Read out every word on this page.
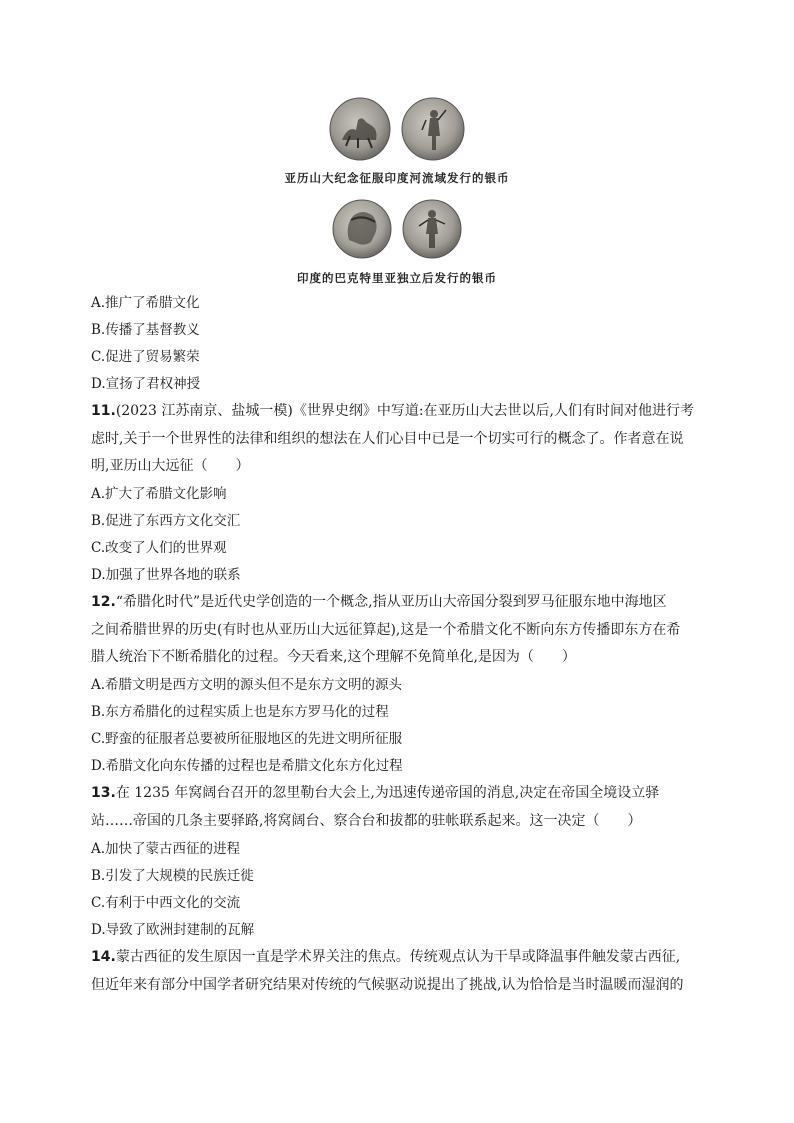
亚历山大纪念征服印度河流域发行的银币
印度的巴克特里亚独立后发行的银币
A.推广了希腊文化
B.传播了基督教义
C.促进了贸易繁荣
D.宣扬了君权神授
11.(2023 江苏南京、盐城一模)《世界史纲》中写道:在亚历山大去世以后,人们有时间对他进行考
虑时,关于一个世界性的法律和组织的想法在人们心目中已是一个切实可行的概念了。作者意在说
明,亚历山大远征（　　）
A.扩大了希腊文化影响
B.促进了东西方文化交汇
C.改变了人们的世界观
D.加强了世界各地的联系
12.“希腊化时代”是近代史学创造的一个概念,指从亚历山大帝国分裂到罗马征服东地中海地区
之间希腊世界的历史(有时也从亚历山大远征算起),这是一个希腊文化不断向东方传播即东方在希
腊人统治下不断希腊化的过程。今天看来,这个理解不免简单化,是因为（　　）
A.希腊文明是西方文明的源头但不是东方文明的源头
B.东方希腊化的过程实质上也是东方罗马化的过程
C.野蛮的征服者总要被所征服地区的先进文明所征服
D.希腊文化向东传播的过程也是希腊文化东方化过程
13.在 1235 年窝阔台召开的忽里勒台大会上,为迅速传递帝国的消息,决定在帝国全境设立驿
站……帝国的几条主要驿路,将窝阔台、察合台和拔都的驻帐联系起来。这一决定（　　）
A.加快了蒙古西征的进程
B.引发了大规模的民族迁徙
C.有利于中西文化的交流
D.导致了欧洲封建制的瓦解
14.蒙古西征的发生原因一直是学术界关注的焦点。传统观点认为干旱或降温事件触发蒙古西征,
但近年来有部分中国学者研究结果对传统的气候驱动说提出了挑战,认为恰恰是当时温暖而湿润的
